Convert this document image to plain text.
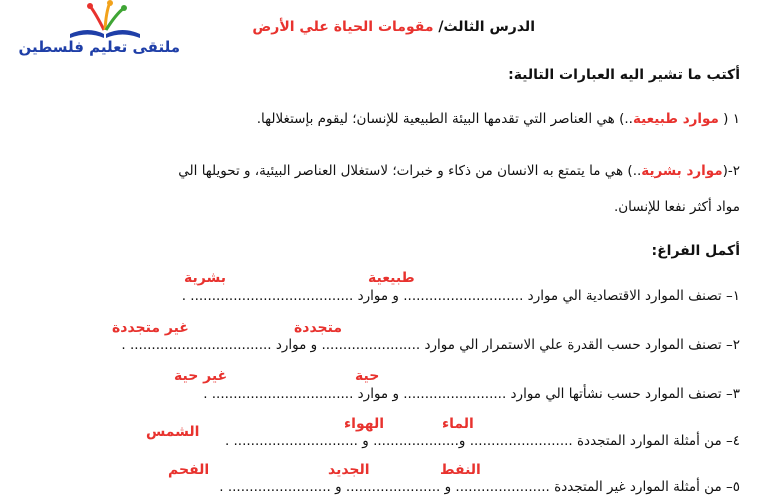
ملتقى تعليم فلسطين
الدرس الثالث/ مقومات الحياة علي الأرض
أكتب ما تشير اليه العبارات التالية:
١ ( موارد طبيعية..) هي العناصر التي تقدمها البيئة الطبيعية للإنسان؛ ليقوم بإستغلالها.
٢-(موارد بشرية..) هي ما يتمتع به الانسان من ذكاء و خبرات؛ لاستغلال العناصر البيئية، و تحويلها الي
مواد أكثر نفعا للإنسان.
أكمل الفراغ:
١– تصنف الموارد الاقتصادية الي موارد ............................ و موارد ...................................... .
طبيعية
بشرية
٢– تصنف الموارد حسب القدرة علي الاستمرار الي موارد ....................... و موارد ................................. .
متجددة
غير متجددة
٣– تصنف الموارد حسب نشأتها الي موارد ........................ و موارد ................................. .
حية
غير حية
٤– من أمثلة الموارد المتجددة ........................ و.................... و ............................. .
الماء
الهواء
الشمس
٥– من أمثلة الموارد غير المتجددة ...................... و ...................... و ........................ .
النفط
الجديد
الفحم
